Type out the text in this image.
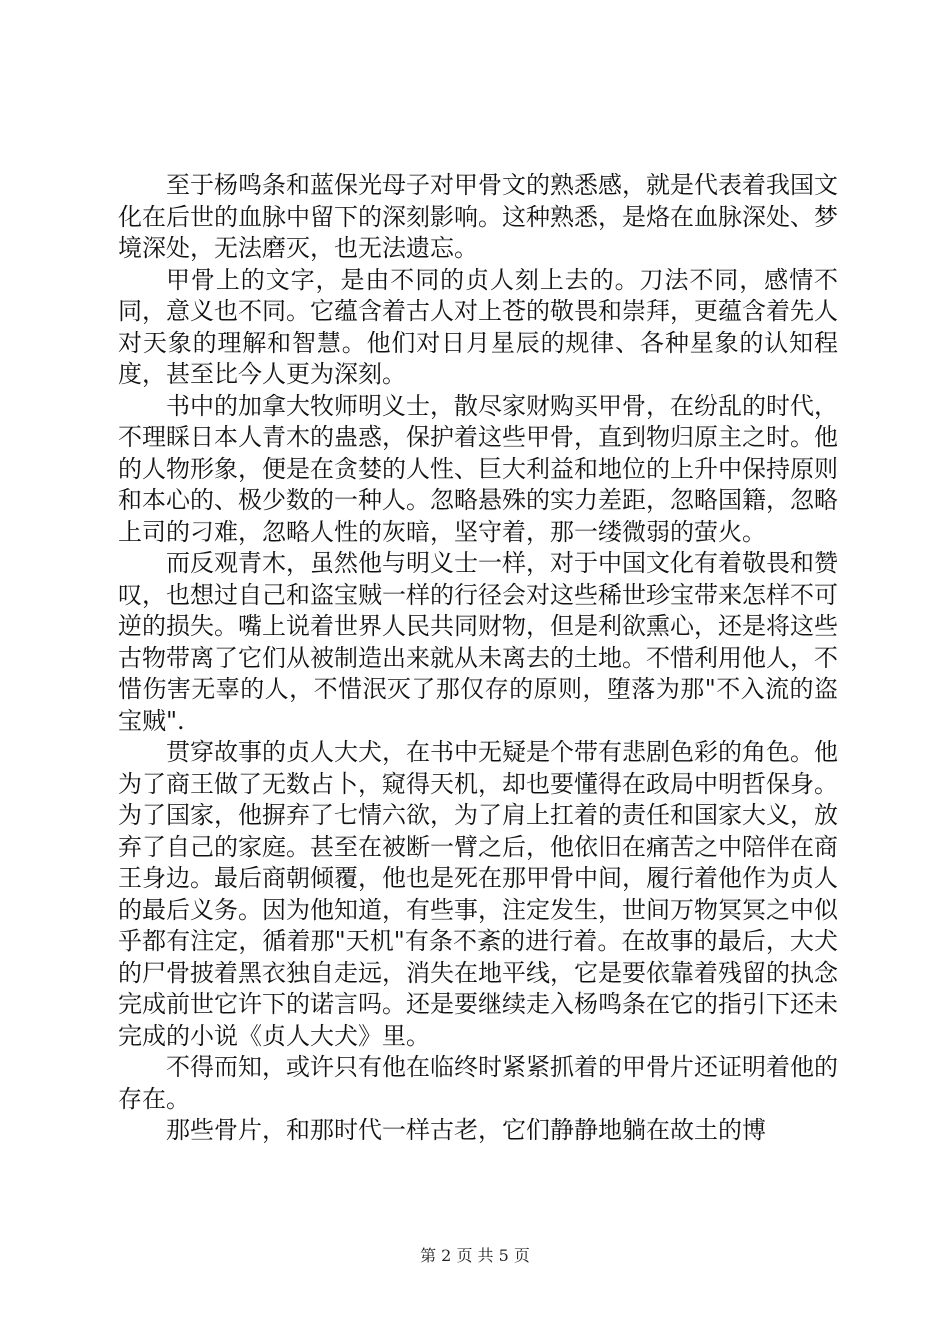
至于杨鸣条和蓝保光母子对甲骨文的熟悉感，就是代表着我国文化在后世的血脉中留下的深刻影响。这种熟悉，是烙在血脉深处、梦境深处，无法磨灭，也无法遗忘。

甲骨上的文字，是由不同的贞人刻上去的。刀法不同，感情不同，意义也不同。它蕴含着古人对上苍的敬畏和崇拜，更蕴含着先人对天象的理解和智慧。他们对日月星辰的规律、各种星象的认知程度，甚至比今人更为深刻。

书中的加拿大牧师明义士，散尽家财购买甲骨，在纷乱的时代，不理睬日本人青木的蛊惑，保护着这些甲骨，直到物归原主之时。他的人物形象，便是在贪婪的人性、巨大利益和地位的上升中保持原则和本心的、极少数的一种人。忽略悬殊的实力差距，忽略国籍，忽略上司的刁难，忽略人性的灰暗，坚守着，那一缕微弱的萤火。

而反观青木，虽然他与明义士一样，对于中国文化有着敬畏和赞叹，也想过自己和盗宝贼一样的行径会对这些稀世珍宝带来怎样不可逆的损失。嘴上说着世界人民共同财物，但是利欲熏心，还是将这些古物带离了它们从被制造出来就从未离去的土地。不惜利用他人，不惜伤害无辜的人，不惜泯灭了那仅存的原则，堕落为那"不入流的盗宝贼".

贯穿故事的贞人大犬，在书中无疑是个带有悲剧色彩的角色。他为了商王做了无数占卜，窥得天机，却也要懂得在政局中明哲保身。为了国家，他摒弃了七情六欲，为了肩上扛着的责任和国家大义，放弃了自己的家庭。甚至在被断一臂之后，他依旧在痛苦之中陪伴在商王身边。最后商朝倾覆，他也是死在那甲骨中间，履行着他作为贞人的最后义务。因为他知道，有些事，注定发生，世间万物冥冥之中似乎都有注定，循着那"天机"有条不紊的进行着。在故事的最后，大犬的尸骨披着黑衣独自走远，消失在地平线，它是要依靠着残留的执念完成前世它许下的诺言吗。还是要继续走入杨鸣条在它的指引下还未完成的小说《贞人大犬》里。

不得而知，或许只有他在临终时紧紧抓着的甲骨片还证明着他的存在。

那些骨片，和那时代一样古老，它们静静地躺在故土的博

第 2 页 共 5 页
